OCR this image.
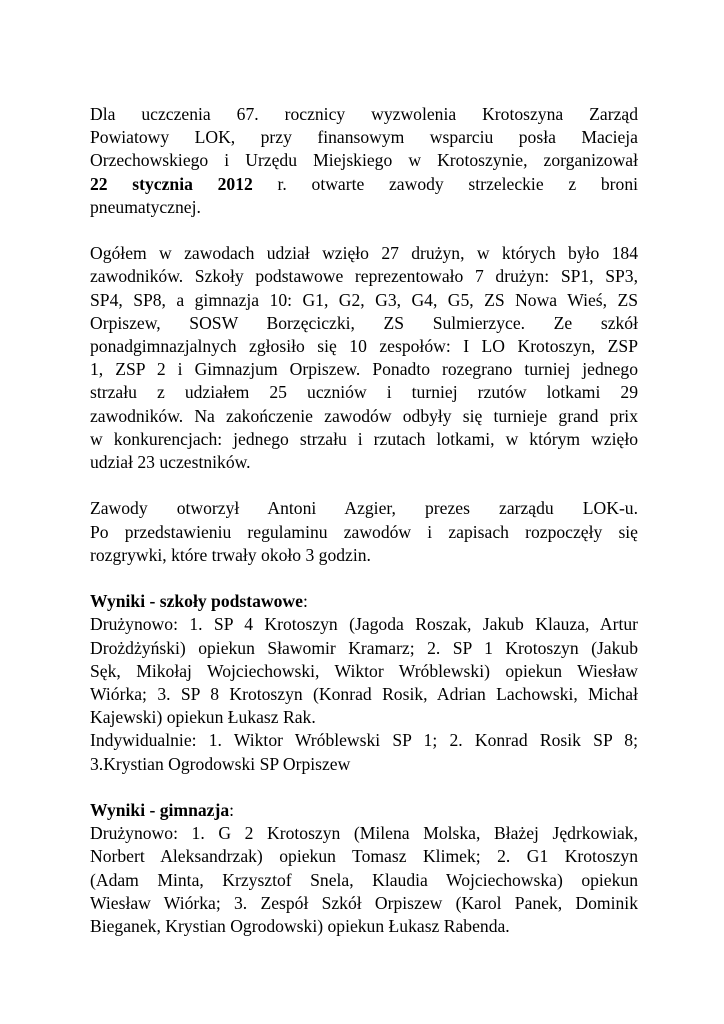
Dla uczczenia 67. rocznicy wyzwolenia Krotoszyna Zarząd
Powiatowy LOK, przy finansowym wsparciu posła Macieja
Orzechowskiego i Urzędu Miejskiego w Krotoszynie, zorganizował
22 stycznia 2012 r. otwarte zawody strzeleckie z broni
pneumatycznej.

Ogółem w zawodach udział wzięło 27 drużyn, w których było 184
zawodników. Szkoły podstawowe reprezentowało 7 drużyn: SP1, SP3,
SP4, SP8, a gimnazja 10: G1, G2, G3, G4, G5, ZS Nowa Wieś, ZS
Orpiszew, SOSW Borzęciczki, ZS Sulmierzyce. Ze szkół
ponadgimnazjalnych zgłosiło się 10 zespołów: I LO Krotoszyn, ZSP
1, ZSP 2 i Gimnazjum Orpiszew. Ponadto rozegrano turniej jednego
strzału z udziałem 25 uczniów i turniej rzutów lotkami 29
zawodników. Na zakończenie zawodów odbyły się turnieje grand prix
w konkurencjach: jednego strzału i rzutach lotkami, w którym wzięło
udział 23 uczestników.

Zawody otworzył Antoni Azgier, prezes zarządu LOK-u.
Po przedstawieniu regulaminu zawodów i zapisach rozpoczęły się
rozgrywki, które trwały około 3 godzin.

Wyniki - szkoły podstawowe:
Drużynowo: 1. SP 4 Krotoszyn (Jagoda Roszak, Jakub Klauza, Artur
Drożdżyński) opiekun Sławomir Kramarz; 2. SP 1 Krotoszyn (Jakub
Sęk, Mikołaj Wojciechowski, Wiktor Wróblewski) opiekun Wiesław
Wiórka; 3. SP 8 Krotoszyn (Konrad Rosik, Adrian Lachowski, Michał
Kajewski) opiekun Łukasz Rak.
Indywidualnie: 1. Wiktor Wróblewski SP 1; 2. Konrad Rosik SP 8;
3.Krystian Ogrodowski SP Orpiszew

Wyniki - gimnazja:
Drużynowo: 1. G 2 Krotoszyn (Milena Molska, Błażej Jędrkowiak,
Norbert Aleksandrzak) opiekun Tomasz Klimek; 2. G1 Krotoszyn
(Adam Minta, Krzysztof Snela, Klaudia Wojciechowska) opiekun
Wiesław Wiórka; 3. Zespół Szkół Orpiszew (Karol Panek, Dominik
Bieganek, Krystian Ogrodowski) opiekun Łukasz Rabenda.
